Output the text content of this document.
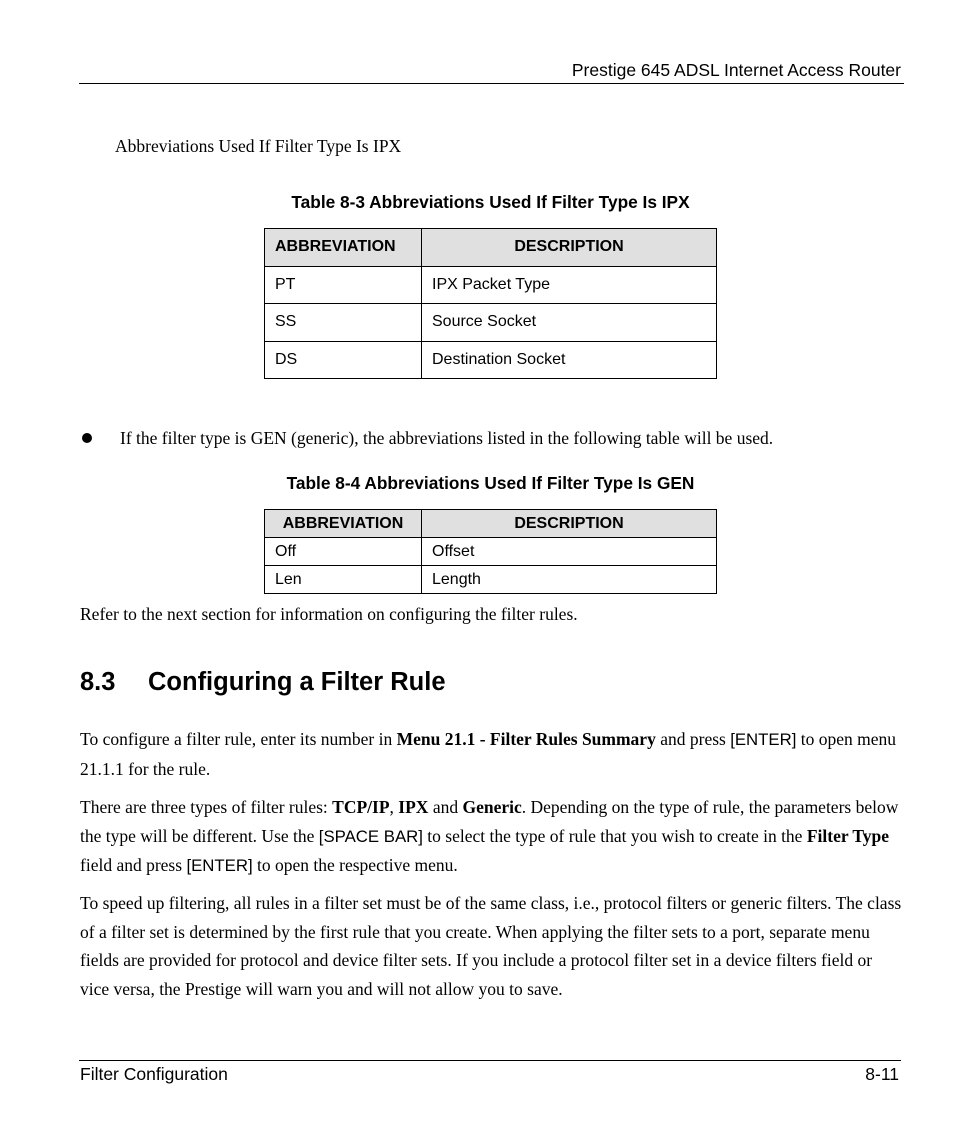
Prestige 645 ADSL Internet Access Router
Abbreviations Used If Filter Type Is IPX
Table 8-3 Abbreviations Used If Filter Type Is IPX
ABBREVIATION	DESCRIPTION
PT	IPX Packet Type
SS	Source Socket
DS	Destination Socket
If the filter type is GEN (generic), the abbreviations listed in the following table will be used.
Table 8-4 Abbreviations Used If Filter Type Is GEN
ABBREVIATION	DESCRIPTION
Off	Offset
Len	Length
Refer to the next section for information on configuring the filter rules.
8.3 Configuring a Filter Rule
To configure a filter rule, enter its number in Menu 21.1 - Filter Rules Summary and press [ENTER] to open menu 21.1.1 for the rule.
There are three types of filter rules: TCP/IP, IPX and Generic. Depending on the type of rule, the parameters below the type will be different. Use the [SPACE BAR] to select the type of rule that you wish to create in the Filter Type field and press [ENTER] to open the respective menu.
To speed up filtering, all rules in a filter set must be of the same class, i.e., protocol filters or generic filters. The class of a filter set is determined by the first rule that you create. When applying the filter sets to a port, separate menu fields are provided for protocol and device filter sets. If you include a protocol filter set in a device filters field or vice versa, the Prestige will warn you and will not allow you to save.
Filter Configuration	8-11
